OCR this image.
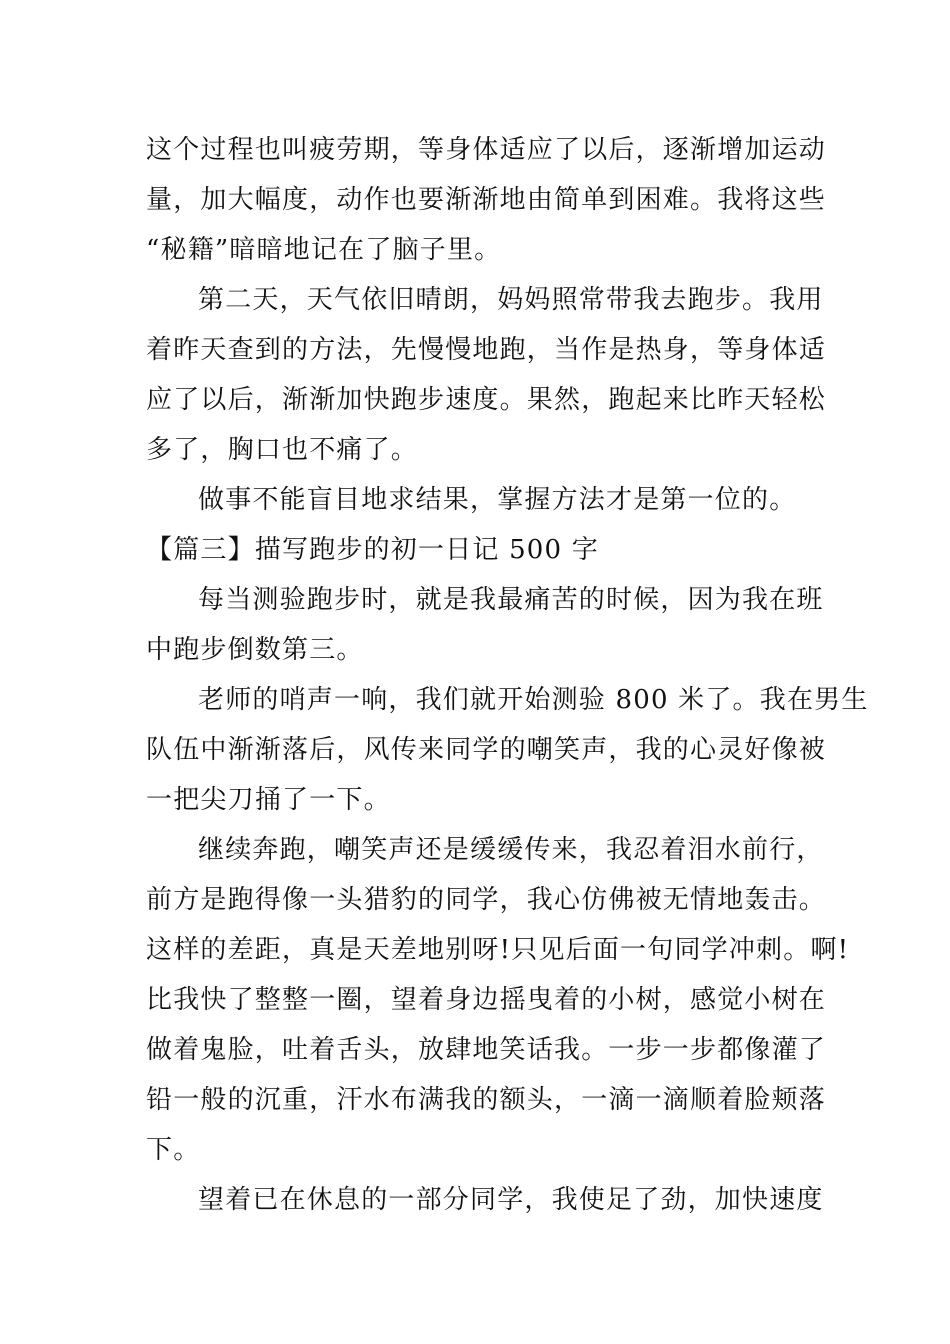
这个过程也叫疲劳期，等身体适应了以后，逐渐增加运动
量，加大幅度，动作也要渐渐地由简单到困难。我将这些
“秘籍”暗暗地记在了脑子里。
第二天，天气依旧晴朗，妈妈照常带我去跑步。我用
着昨天查到的方法，先慢慢地跑，当作是热身，等身体适
应了以后，渐渐加快跑步速度。果然，跑起来比昨天轻松
多了，胸口也不痛了。
做事不能盲目地求结果，掌握方法才是第一位的。
【篇三】描写跑步的初一日记 500 字
每当测验跑步时，就是我最痛苦的时候，因为我在班
中跑步倒数第三。
老师的哨声一响，我们就开始测验 800 米了。我在男生
队伍中渐渐落后，风传来同学的嘲笑声，我的心灵好像被
一把尖刀捅了一下。
继续奔跑，嘲笑声还是缓缓传来，我忍着泪水前行，
前方是跑得像一头猎豹的同学，我心仿佛被无情地轰击。
这样的差距，真是天差地别呀!只见后面一句同学冲刺。啊!
比我快了整整一圈，望着身边摇曳着的小树，感觉小树在
做着鬼脸，吐着舌头，放肆地笑话我。一步一步都像灌了
铅一般的沉重，汗水布满我的额头，一滴一滴顺着脸颊落
下。
望着已在休息的一部分同学，我使足了劲，加快速度
